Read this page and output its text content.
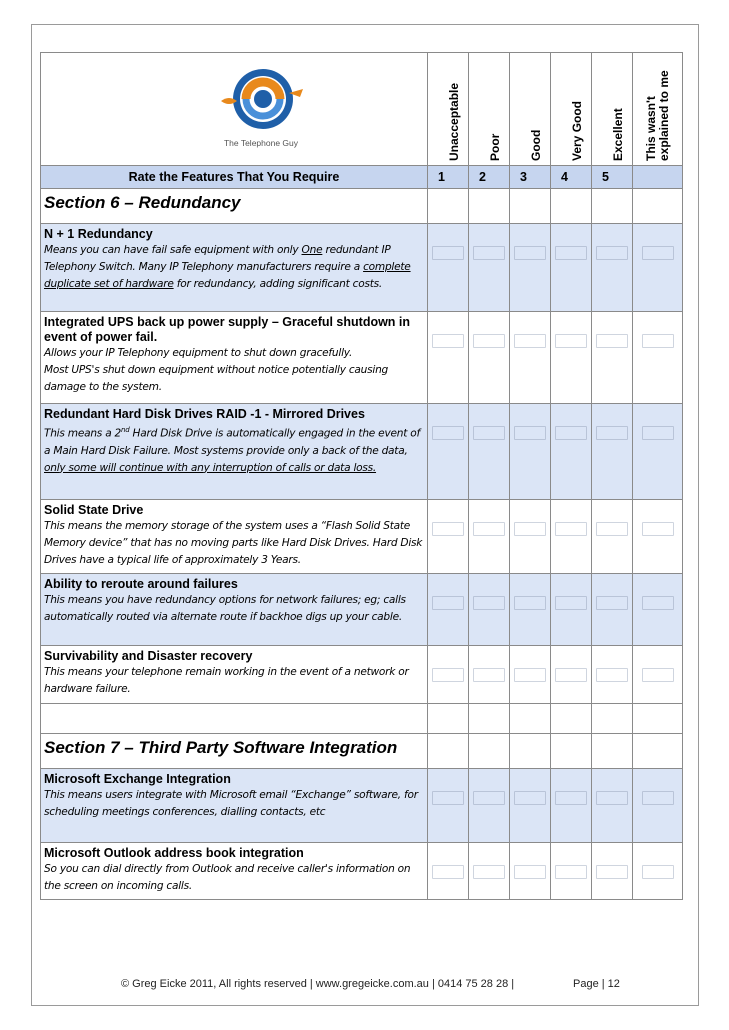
The Telephone Guy	Unacceptable	Poor	Good	Very Good	Excellent	This wasn't explained to me

Rate the Features That You Require	1	2	3	4	5	
Section 6 – Redundancy						

N + 1 Redundancy
Means you can have fail safe equipment with only One redundant IP Telephony Switch. Many IP Telephony manufacturers require a complete duplicate set of hardware for redundancy, adding significant costs.						

Integrated UPS back up power supply – Graceful shutdown in event of power fail.
Allows your IP Telephony equipment to shut down gracefully.
Most UPS's shut down equipment without notice potentially causing damage to the system.						

Redundant Hard Disk Drives RAID -1 - Mirrored Drives
This means a 2nd Hard Disk Drive is automatically engaged in the event of a Main Hard Disk Failure. Most systems provide only a back of the data, only some will continue with any interruption of calls or data loss.						

Solid State Drive
This means the memory storage of the system uses a “Flash Solid State Memory device” that has no moving parts like Hard Disk Drives. Hard Disk Drives have a typical life of approximately 3 Years.						

Ability to reroute around failures
This means you have redundancy options for network failures; eg; calls automatically routed via alternate route if backhoe digs up your cable.						

Survivability and Disaster recovery
This means your telephone remain working in the event of a network or hardware failure.						

Section 7 – Third Party Software Integration						

Microsoft Exchange Integration
This means users integrate with Microsoft email “Exchange” software, for scheduling meetings conferences, dialling contacts, etc						

Microsoft Outlook address book integration
So you can dial directly from Outlook and receive caller's information on the screen on incoming calls.						

© Greg Eicke 2011, All rights reserved | www.gregeicke.com.au | 0414 75 28 28 |	Page | 12
